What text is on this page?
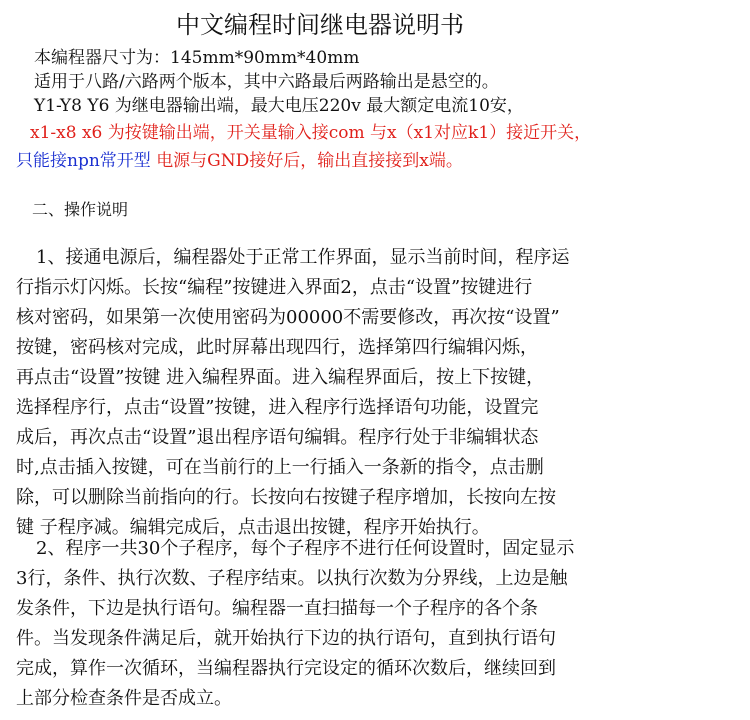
中文编程时间继电器说明书
本编程器尺寸为：145mm*90mm*40mm
适用于八路/六路两个版本，其中六路最后两路输出是悬空的。
Y1-Y8 Y6 为继电器输出端，最大电压220v 最大额定电流10安，
x1-x8 x6 为按键输出端，开关量输入接com 与x（x1对应k1）接近开关，
只能接npn常开型 电源与GND接好后，输出直接接到x端。
二、操作说明
1、接通电源后，编程器处于正常工作界面，显示当前时间，程序运
行指示灯闪烁。长按“编程”按键进入界面2，点击“设置”按键进行
核对密码，如果第一次使用密码为00000不需要修改，再次按“设置”
按键，密码核对完成，此时屏幕出现四行，选择第四行编辑闪烁，
再点击“设置”按键 进入编程界面。进入编程界面后，按上下按键，
选择程序行，点击“设置”按键，进入程序行选择语句功能，设置完
成后，再次点击“设置”退出程序语句编辑。程序行处于非编辑状态
时,点击插入按键，可在当前行的上一行插入一条新的指令，点击删
除，可以删除当前指向的行。长按向右按键子程序增加，长按向左按
键 子程序减。编辑完成后，点击退出按键，程序开始执行。
2、程序一共30个子程序，每个子程序不进行任何设置时，固定显示
3行，条件、执行次数、子程序结束。以执行次数为分界线，上边是触
发条件，下边是执行语句。编程器一直扫描每一个子程序的各个条
件。当发现条件满足后，就开始执行下边的执行语句，直到执行语句
完成，算作一次循环，当编程器执行完设定的循环次数后，继续回到
上部分检查条件是否成立。
